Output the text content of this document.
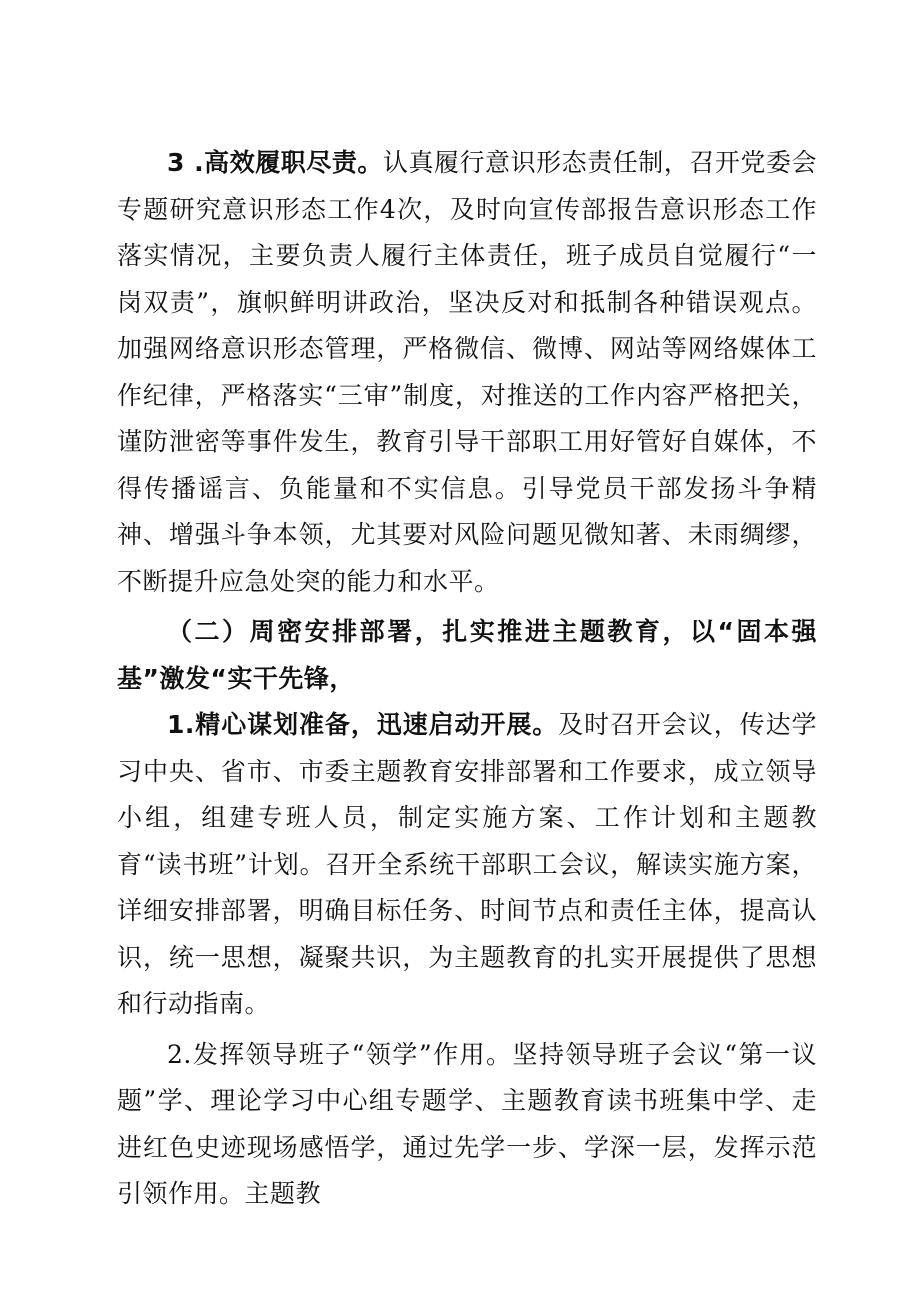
3 .高效履职尽责。认真履行意识形态责任制，召开党委会专题研究意识形态工作4次，及时向宣传部报告意识形态工作落实情况，主要负责人履行主体责任，班子成员自觉履行“一岗双责”，旗帜鲜明讲政治，坚决反对和抵制各种错误观点。加强网络意识形态管理，严格微信、微博、网站等网络媒体工作纪律，严格落实“三审”制度，对推送的工作内容严格把关，谨防泄密等事件发生，教育引导干部职工用好管好自媒体，不得传播谣言、负能量和不实信息。引导党员干部发扬斗争精神、增强斗争本领，尤其要对风险问题见微知著、未雨绸缪，不断提升应急处突的能力和水平。

（二）周密安排部署，扎实推进主题教育，以“固本强基”激发“实干先锋，

1.精心谋划准备，迅速启动开展。及时召开会议，传达学习中央、省市、市委主题教育安排部署和工作要求，成立领导小组，组建专班人员，制定实施方案、工作计划和主题教育“读书班”计划。召开全系统干部职工会议，解读实施方案，详细安排部署，明确目标任务、时间节点和责任主体，提高认识，统一思想，凝聚共识，为主题教育的扎实开展提供了思想和行动指南。

2.发挥领导班子“领学”作用。坚持领导班子会议“第一议题”学、理论学习中心组专题学、主题教育读书班集中学、走进红色史迹现场感悟学，通过先学一步、学深一层，发挥示范引领作用。主题教
